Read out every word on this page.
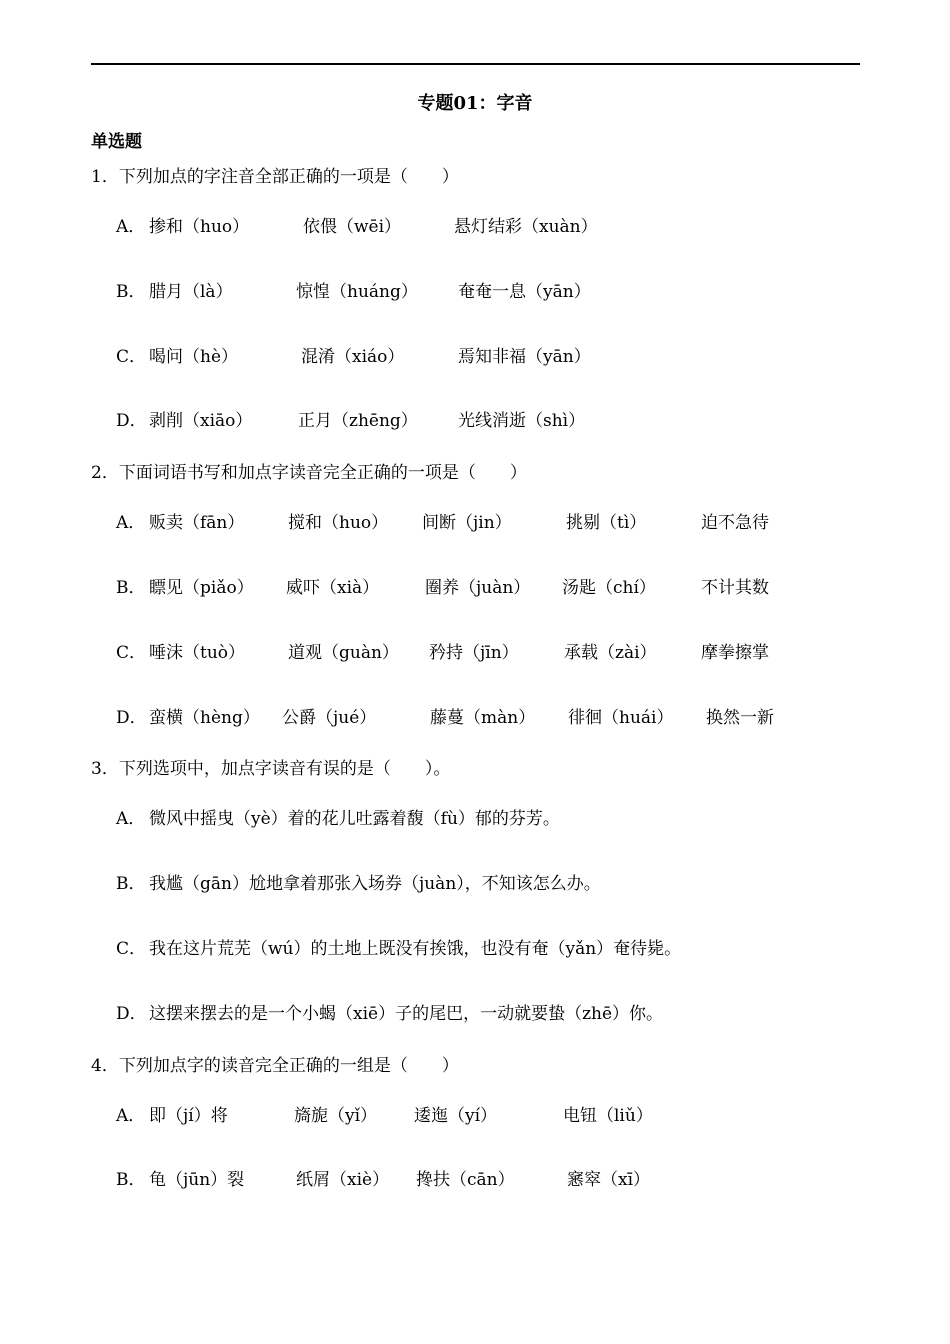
专题01：字音
单选题
1．下列加点的字注音全部正确的一项是（　　）
A． 掺和（huo）	依偎（wēi）	悬灯结彩（xuàn）
B． 腊月（là）	惊惶（huáng） 奄奄一息（yān）
C． 喝问（hè）	混淆（xiáo）	焉知非福（yān）
D． 剥削（xiāo）	正月（zhēng） 光线消逝（shì）
2．下面词语书写和加点字读音完全正确的一项是（　　）
A． 贩卖（fān）	搅和（huo） 间断（jin）	挑剔（tì）	迫不急待
B． 瞟见（piǎo） 威吓（xià）	圈养（juàn） 汤匙（chí）	不计其数
C． 唾沫（tuò）	道观（guàn） 矜持（jīn）	承载（zài）	摩拳擦掌
D． 蛮横（hèng） 公爵（jué）	藤蔓（màn） 徘徊（huái） 换然一新
3．下列选项中，加点字读音有误的是（　　）。
A． 微风中摇曳（yè）着的花儿吐露着馥（fù）郁的芬芳。
B． 我尴（gān）尬地拿着那张入场券（juàn），不知该怎么办。
C． 我在这片荒芜（wú）的土地上既没有挨饿，也没有奄（yǎn）奄待毙。
D． 这摆来摆去的是一个小蝎（xiē）子的尾巴，一动就要蛰（zhē）你。
4．下列加点字的读音完全正确的一组是（　　）
A． 即（jí）将	旖旎（yǐ） 逶迤（yí）	电钮（liǔ）
B． 龟（jūn）裂	纸屑（xiè） 搀扶（cān）	窸窣（xī）
